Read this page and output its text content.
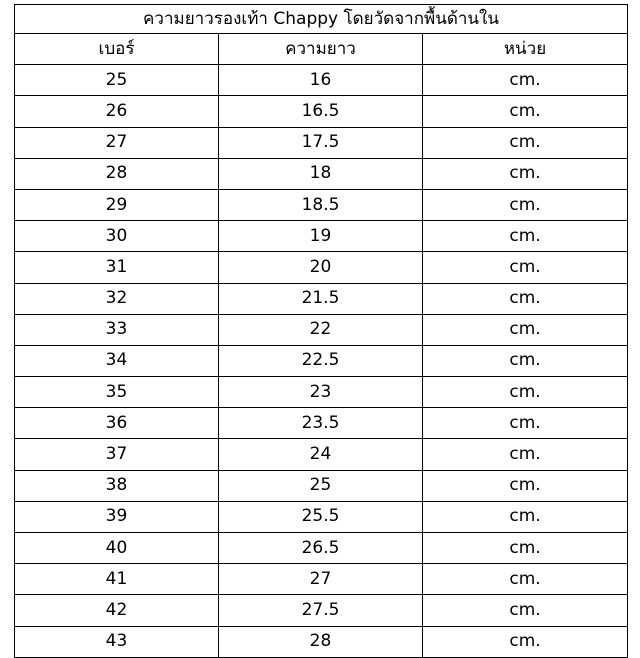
ความยาวรองเท้า Chappy โดยวัดจากพื้นด้านใน		
เบอร์	ความยาว	หน่วย
25	16	cm.
26	16.5	cm.
27	17.5	cm.
28	18	cm.
29	18.5	cm.
30	19	cm.
31	20	cm.
32	21.5	cm.
33	22	cm.
34	22.5	cm.
35	23	cm.
36	23.5	cm.
37	24	cm.
38	25	cm.
39	25.5	cm.
40	26.5	cm.
41	27	cm.
42	27.5	cm.
43	28	cm.
